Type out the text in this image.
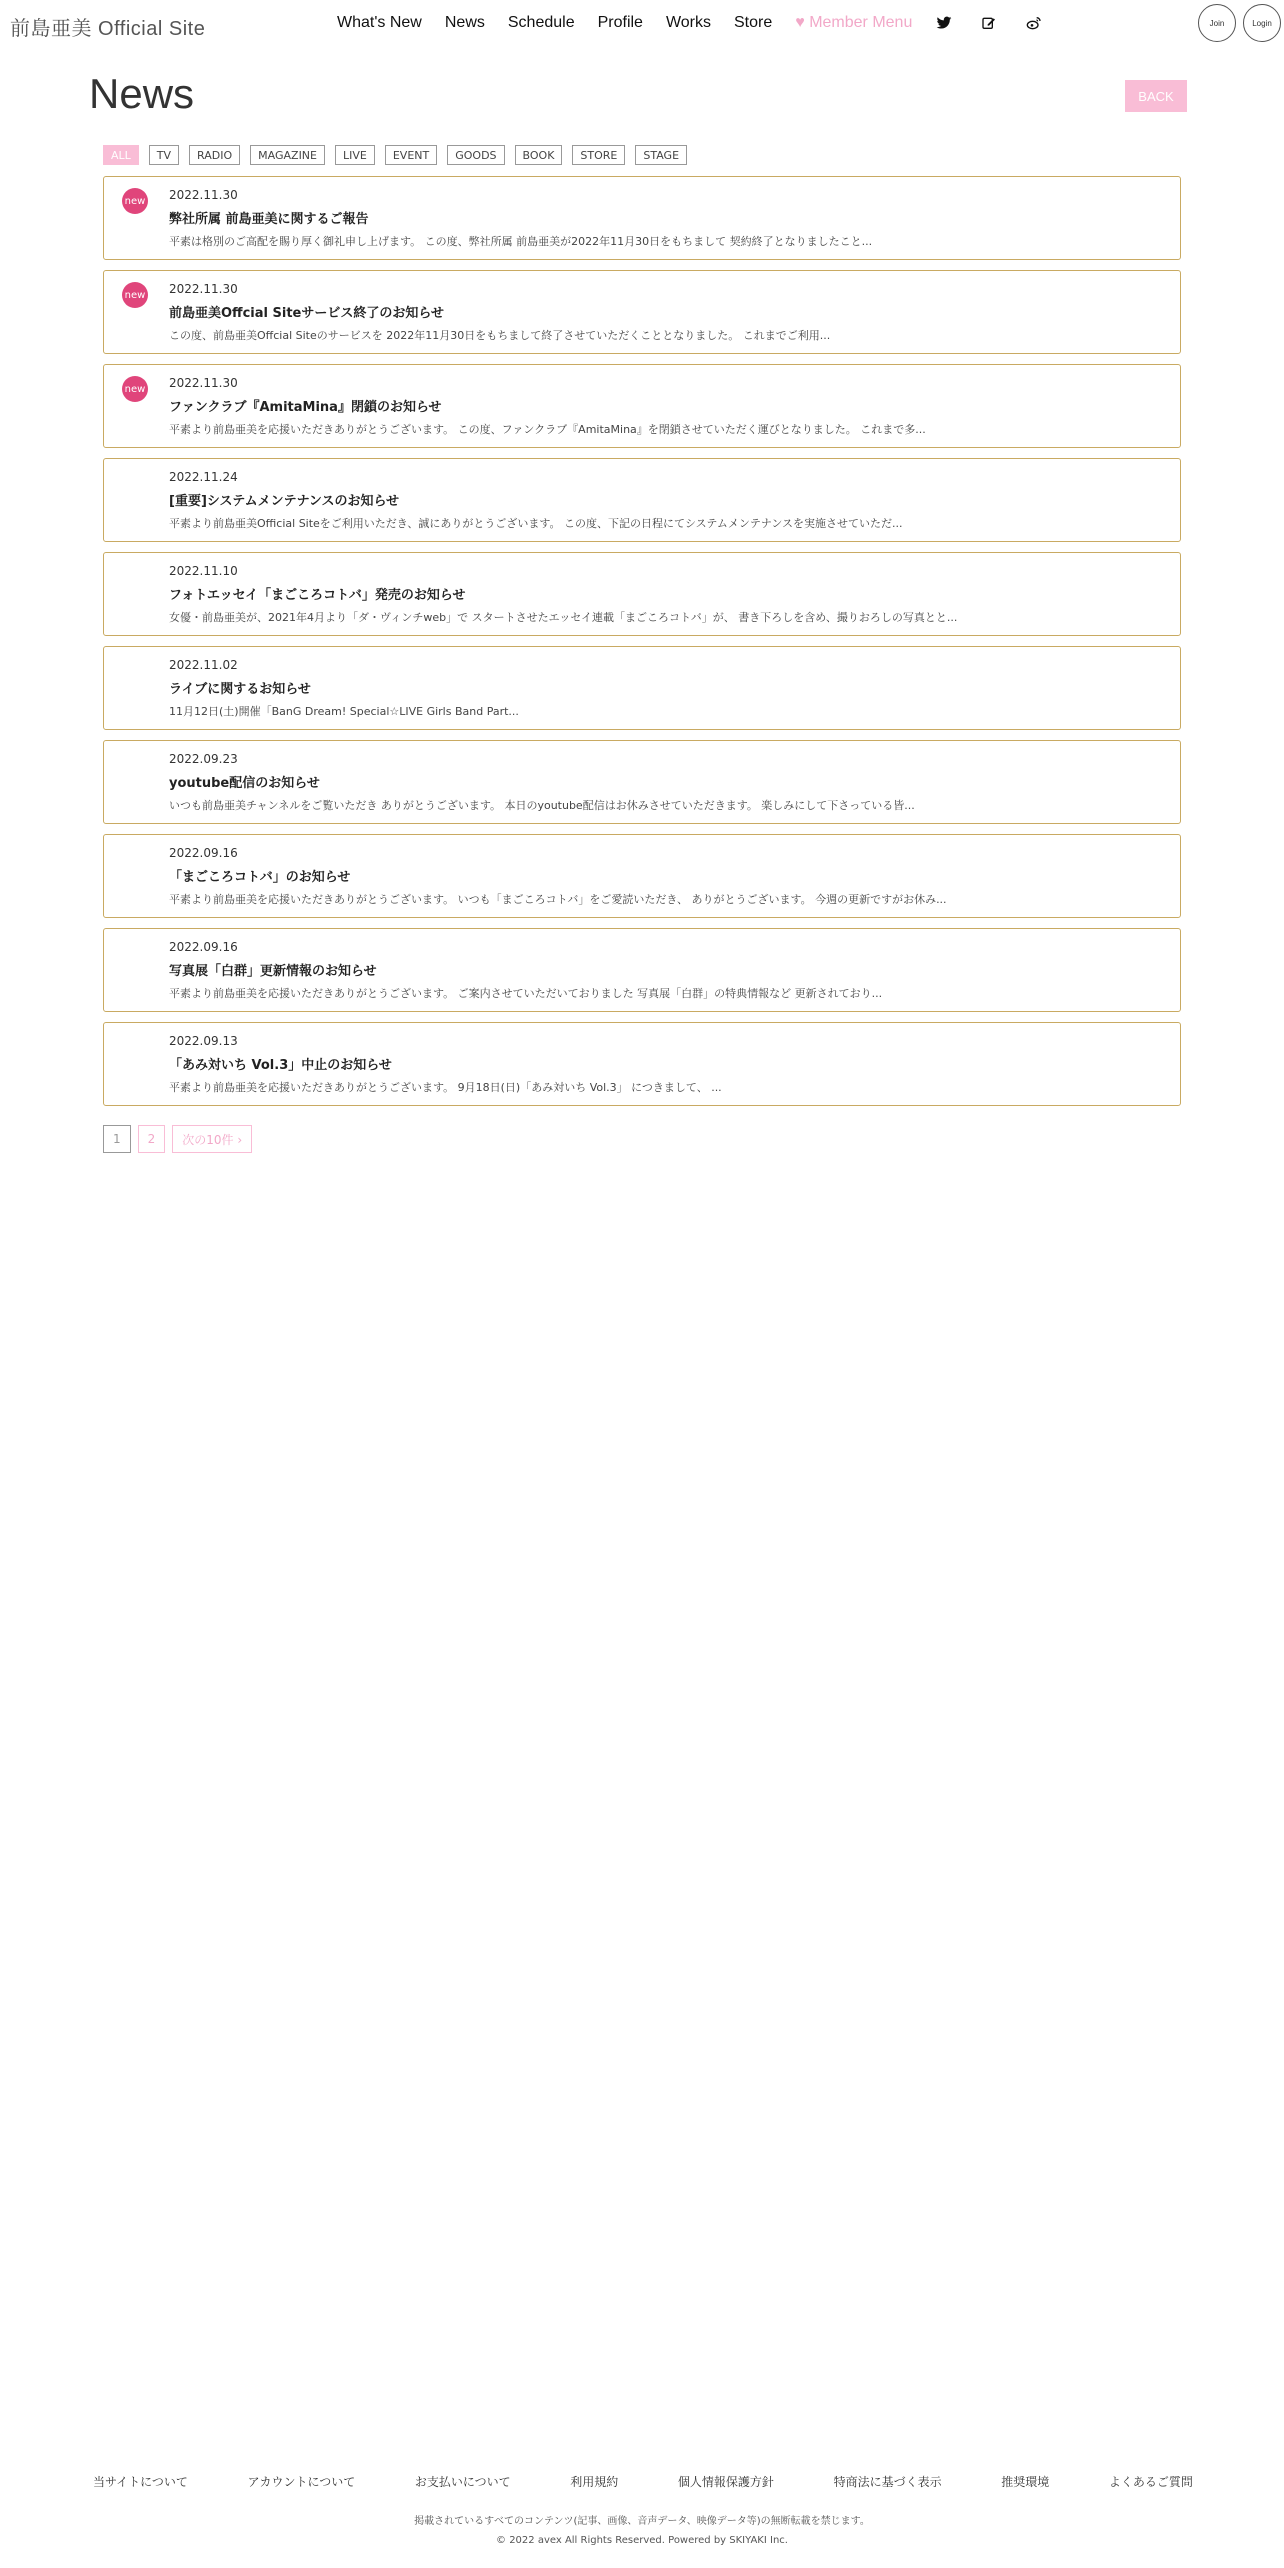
前島亜美 Official Site	What's New News Schedule Profile Works Store ♥ Member Menu	Join	Login
News	BACK
ALL	TV	RADIO	MAGAZINE	LIVE	EVENT	GOODS	BOOK	STORE	STAGE
new 2022.11.30
弊社所属 前島亜美に関するご報告
平素は格別のご高配を賜り厚く御礼申し上げます。 この度、弊社所属 前島亜美が2022年11月30日をもちまして 契約終了となりましたこと...
new 2022.11.30
前島亜美Offcial Siteサービス終了のお知らせ
この度、前島亜美Offcial Siteのサービスを 2022年11月30日をもちまして終了させていただくこととなりました。 これまでご利用...
new 2022.11.30
ファンクラブ『AmitaMina』閉鎖のお知らせ
平素より前島亜美を応援いただきありがとうございます。 この度、ファンクラブ『AmitaMina』を閉鎖させていただく運びとなりました。 これまで多...
2022.11.24
[重要]システムメンテナンスのお知らせ
平素より前島亜美Official Siteをご利用いただき、誠にありがとうございます。 この度、下記の日程にてシステムメンテナンスを実施させていただ...
2022.11.10
フォトエッセイ「まごころコトバ」発売のお知らせ
女優・前島亜美が、2021年4月より「ダ・ヴィンチweb」で スタートさせたエッセイ連載「まごころコトバ」が、 書き下ろしを含め、撮りおろしの写真とと...
2022.11.02
ライブに関するお知らせ
11月12日(土)開催「BanG Dream! Special☆LIVE Girls Band Part...
2022.09.23
youtube配信のお知らせ
いつも前島亜美チャンネルをご覧いただき ありがとうございます。 本日のyoutube配信はお休みさせていただきます。 楽しみにして下さっている皆...
2022.09.16
「まごころコトバ」のお知らせ
平素より前島亜美を応援いただきありがとうございます。 いつも「まごころコトバ」をご愛読いただき、 ありがとうございます。 今週の更新ですがお休み...
2022.09.16
写真展「白群」更新情報のお知らせ
平素より前島亜美を応援いただきありがとうございます。 ご案内させていただいておりました 写真展「白群」の特典情報など 更新されており...
2022.09.13
「あみ対いち Vol.3」中止のお知らせ
平素より前島亜美を応援いただきありがとうございます。 9月18日(日)「あみ対いち Vol.3」 につきまして、 ...
1	2	次の10件 ›
当サイトについて	アカウントについて	お支払いについて	利用規約	個人情報保護方針	特商法に基づく表示	推奨環境	よくあるご質問
掲載されているすべてのコンテンツ(記事、画像、音声データ、映像データ等)の無断転載を禁じます。
© 2022 avex All Rights Reserved. Powered by SKIYAKI Inc.
